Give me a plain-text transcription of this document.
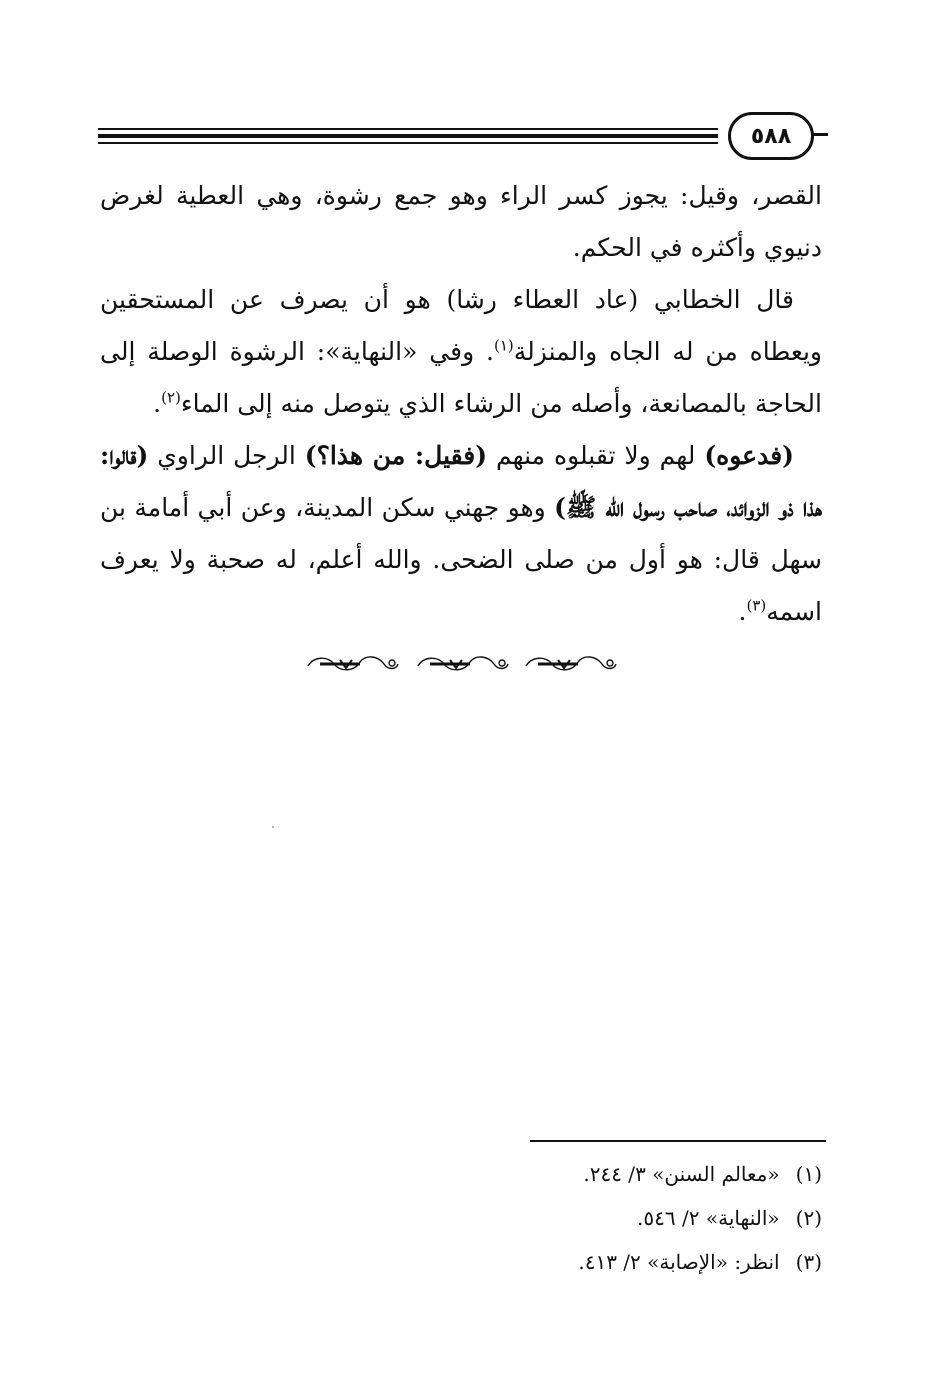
٥٨٨

القصر، وقيل: يجوز كسر الراء وهو جمع رشوة، وهي العطية لغرض دنيوي وأكثره في الحكم.

قال الخطابي (عاد العطاء رشا) هو أن يصرف عن المستحقين ويعطاه من له الجاه والمنزلة$^{(١)}$. وفي «النهاية»: الرشوة الوصلة إلى الحاجة بالمصانعة، وأصله من الرشاء الذي يتوصل منه إلى الماء$^{(٢)}$.

(فدعوه) لهم ولا تقبلوه منهم (فقيل: من هذا؟) الرجل الراوي (قالوا: هذا ذو الزوائد، صاحب رسول الله ﷺ) وهو جهني سكن المدينة، وعن أبي أمامة بن سهل قال: هو أول من صلى الضحى. والله أعلم، له صحبة ولا يعرف اسمه$^{(٣)}$.

(١)«معالم السنن» ٣/ ٢٤٤.
(٢)«النهاية» ٢/ ٥٤٦.
(٣)انظر: «الإصابة» ٢/ ٤١٣.
